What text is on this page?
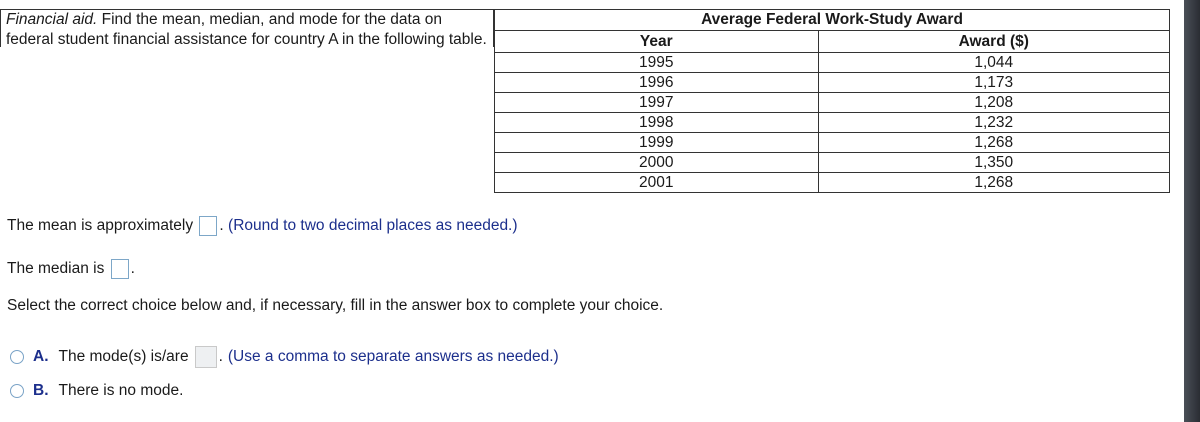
Financial aid. Find the mean, median, and mode for the data on
federal student financial assistance for country A in the following table.
Average Federal Work-Study Award	
Year	Award ($)
1995	1,044
1996	1,173
1997	1,208
1998	1,232
1999	1,268
2000	1,350
2001	1,268
The mean is approximately . (Round to two decimal places as needed.)
The median is .
Select the correct choice below and, if necessary, fill in the answer box to complete your choice.
A. The mode(s) is/are . (Use a comma to separate answers as needed.)
B. There is no mode.
